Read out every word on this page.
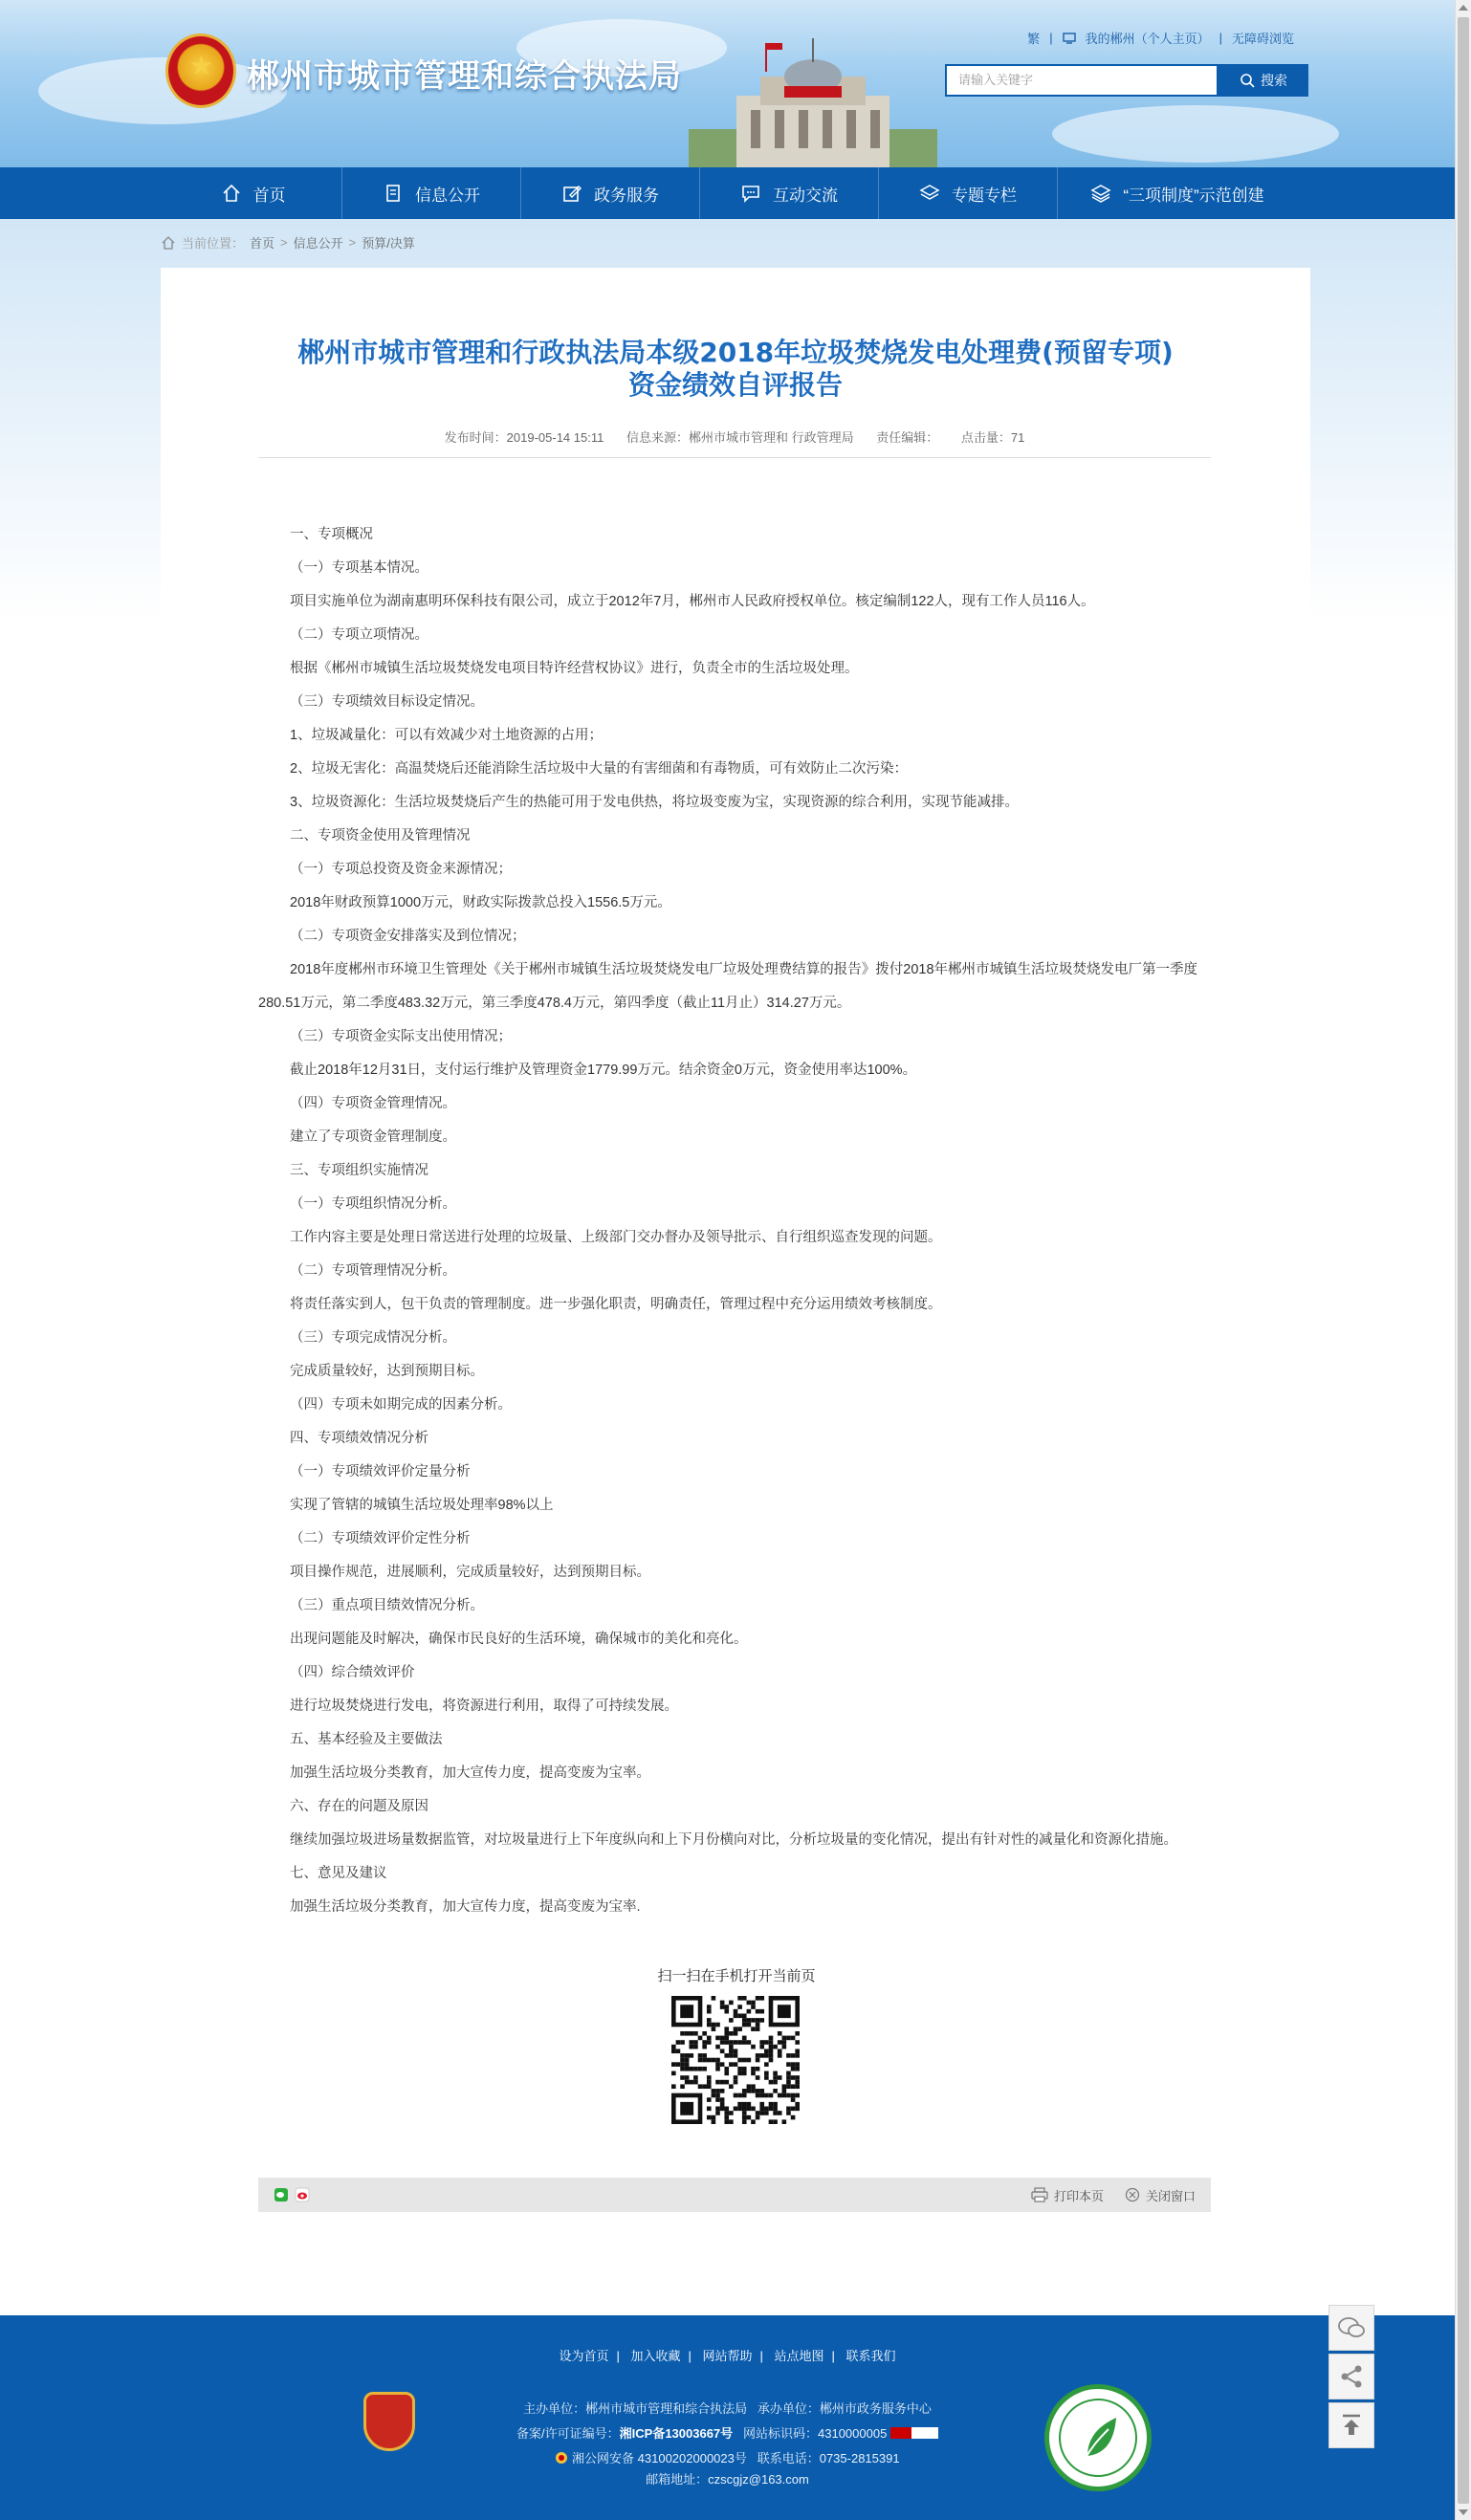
★ 郴州市城市管理和综合执法局
繁 |	我的郴州（个人主页） | 无障碍浏览
请输入关键字	搜索
首页	信息公开	政务服务	互动交流	专题专栏	“三项制度”示范创建
当前位置： 首页 > 信息公开 > 预算/决算
郴州市城市管理和行政执法局本级2018年垃圾焚烧发电处理费(预留专项)
资金绩效自评报告
发布时间：2019-05-14 15:11 信息来源：郴州市城市管理和 行政管理局 责任编辑： 点击量：71

一、专项概况

（一）专项基本情况。

项目实施单位为湖南惠明环保科技有限公司，成立于2012年7月，郴州市人民政府授权单位。核定编制122人，现有工作人员116人。

（二）专项立项情况。

根据《郴州市城镇生活垃圾焚烧发电项目特许经营权协议》进行，负责全市的生活垃圾处理。

（三）专项绩效目标设定情况。

1、垃圾减量化：可以有效减少对土地资源的占用；

2、垃圾无害化：高温焚烧后还能消除生活垃圾中大量的有害细菌和有毒物质，可有效防止二次污染：

3、垃圾资源化：生活垃圾焚烧后产生的热能可用于发电供热，将垃圾变废为宝，实现资源的综合利用，实现节能减排。

二、专项资金使用及管理情况

（一）专项总投资及资金来源情况；

2018年财政预算1000万元，财政实际拨款总投入1556.5万元。

（二）专项资金安排落实及到位情况；

2018年度郴州市环境卫生管理处《关于郴州市城镇生活垃圾焚烧发电厂垃圾处理费结算的报告》拨付2018年郴州市城镇生活垃圾焚烧发电厂第一季度280.51万元，第二季度483.32万元，第三季度478.4万元，第四季度（截止11月止）314.27万元。

（三）专项资金实际支出使用情况；

截止2018年12月31日，支付运行维护及管理资金1779.99万元。结余资金0万元，资金使用率达100%。

（四）专项资金管理情况。

建立了专项资金管理制度。

三、专项组织实施情况

（一）专项组织情况分析。

工作内容主要是处理日常送进行处理的垃圾量、上级部门交办督办及领导批示、自行组织巡查发现的问题。

（二）专项管理情况分析。

将责任落实到人，包干负责的管理制度。进一步强化职责，明确责任，管理过程中充分运用绩效考核制度。

（三）专项完成情况分析。

完成质量较好，达到预期目标。

（四）专项未如期完成的因素分析。

四、专项绩效情况分析

（一）专项绩效评价定量分析

实现了管辖的城镇生活垃圾处理率98%以上

（二）专项绩效评价定性分析

项目操作规范，进展顺利，完成质量较好，达到预期目标。

（三）重点项目绩效情况分析。

出现问题能及时解决，确保市民良好的生活环境，确保城市的美化和亮化。

（四）综合绩效评价

进行垃圾焚烧进行发电，将资源进行利用，取得了可持续发展。

五、基本经验及主要做法

加强生活垃圾分类教育，加大宣传力度，提高变废为宝率。

六、存在的问题及原因

继续加强垃圾进场量数据监管，对垃圾量进行上下年度纵向和上下月份横向对比，分析垃圾量的变化情况，提出有针对性的减量化和资源化措施。

七、意见及建议

加强生活垃圾分类教育，加大宣传力度，提高变废为宝率.

扫一扫在手机打开当前页
打印本页	关闭窗口
设为首页 | 加入收藏 | 网站帮助 | 站点地图 | 联系我们
主办单位：郴州市城市管理和综合执法局 承办单位：郴州市政务服务中心
备案/许可证编号：湘ICP备13003667号 网站标识码：4310000005
湘公网安备 43100202000023号 联系电话：0735-2815391
邮箱地址：czscgjz@163.com
